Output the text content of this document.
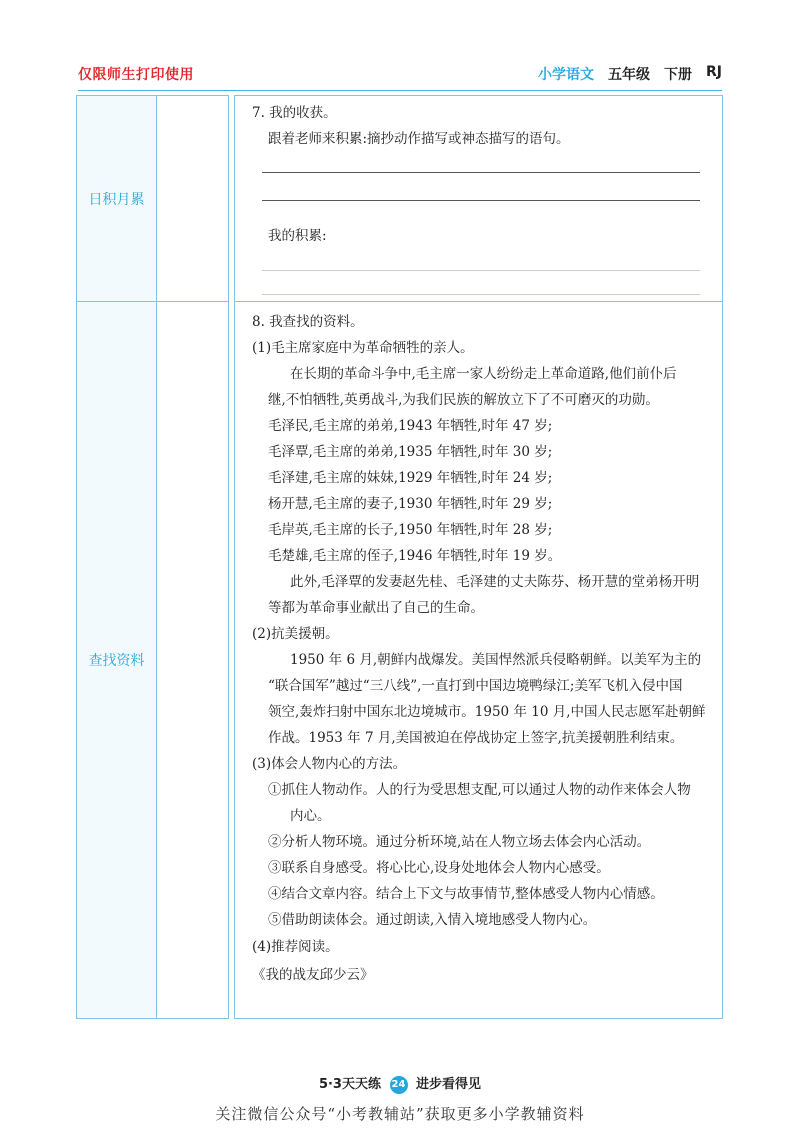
仅限师生打印使用	小学语文 五年级 下册 RJ
日积月累
7. 我的收获。
跟着老师来积累:摘抄动作描写或神态描写的语句。
我的积累:
查找资料
8. 我查找的资料。
(1)毛主席家庭中为革命牺牲的亲人。
在长期的革命斗争中,毛主席一家人纷纷走上革命道路,他们前仆后
继,不怕牺牲,英勇战斗,为我们民族的解放立下了不可磨灭的功勋。
毛泽民,毛主席的弟弟,1943 年牺牲,时年 47 岁;
毛泽覃,毛主席的弟弟,1935 年牺牲,时年 30 岁;
毛泽建,毛主席的妹妹,1929 年牺牲,时年 24 岁;
杨开慧,毛主席的妻子,1930 年牺牲,时年 29 岁;
毛岸英,毛主席的长子,1950 年牺牲,时年 28 岁;
毛楚雄,毛主席的侄子,1946 年牺牲,时年 19 岁。
此外,毛泽覃的发妻赵先桂、毛泽建的丈夫陈芬、杨开慧的堂弟杨开明
等都为革命事业献出了自己的生命。
(2)抗美援朝。
1950 年 6 月,朝鲜内战爆发。美国悍然派兵侵略朝鲜。以美军为主的
“联合国军”越过“三八线”,一直打到中国边境鸭绿江;美军飞机入侵中国
领空,轰炸扫射中国东北边境城市。1950 年 10 月,中国人民志愿军赴朝鲜
作战。1953 年 7 月,美国被迫在停战协定上签字,抗美援朝胜利结束。
(3)体会人物内心的方法。
①抓住人物动作。人的行为受思想支配,可以通过人物的动作来体会人物
内心。
②分析人物环境。通过分析环境,站在人物立场去体会内心活动。
③联系自身感受。将心比心,设身处地体会人物内心感受。
④结合文章内容。结合上下文与故事情节,整体感受人物内心情感。
⑤借助朗读体会。通过朗读,入情入境地感受人物内心。
(4)推荐阅读。
《我的战友邱少云》
5·3天天练 24 进步看得见
关注微信公众号“小考教辅站”获取更多小学教辅资料
